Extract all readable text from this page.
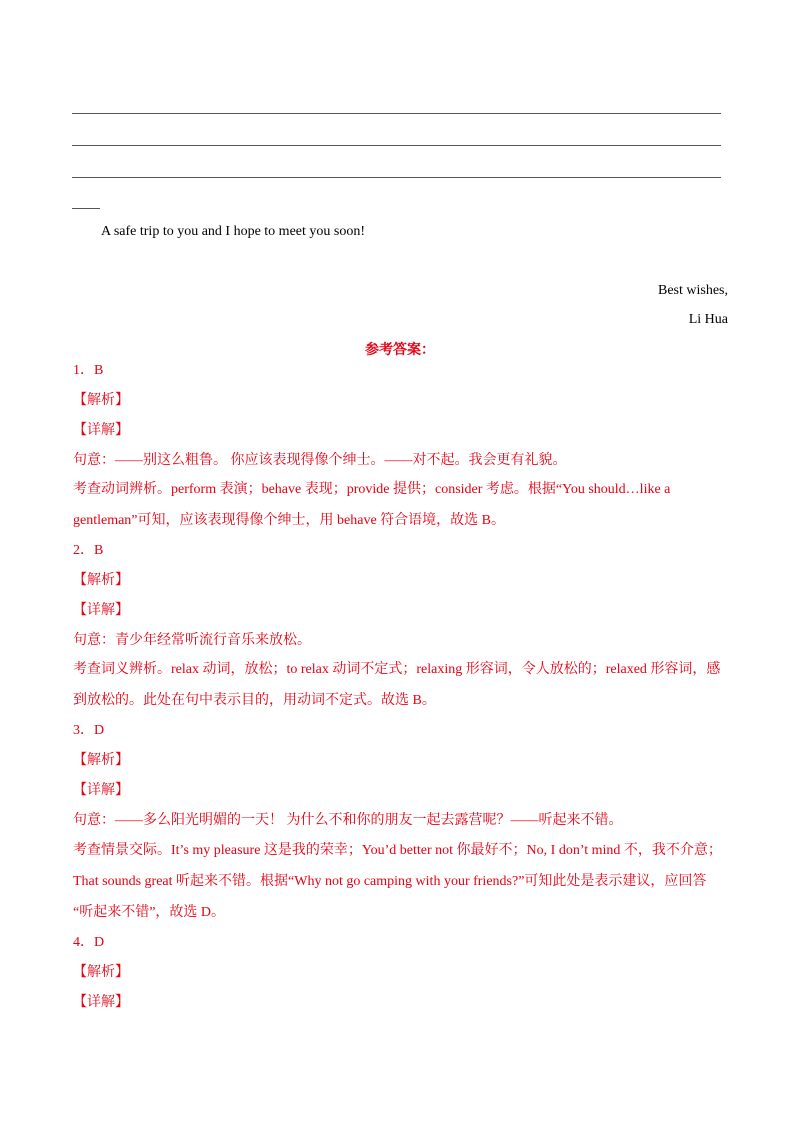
A safe trip to you and I hope to meet you soon!
Best wishes,
Li Hua
参考答案：
1．B
【解析】
【详解】
句意：——别这么粗鲁。 你应该表现得像个绅士。——对不起。我会更有礼貌。
考查动词辨析。perform 表演；behave 表现；provide 提供；consider 考虑。根据“You should…like a
gentleman”可知，应该表现得像个绅士，用 behave 符合语境，故选 B。
2．B
【解析】
【详解】
句意：青少年经常听流行音乐来放松。
考查词义辨析。relax 动词，放松；to relax 动词不定式；relaxing 形容词，令人放松的；relaxed 形容词，感
到放松的。此处在句中表示目的，用动词不定式。故选 B。
3．D
【解析】
【详解】
句意：——多么阳光明媚的一天！ 为什么不和你的朋友一起去露营呢？——听起来不错。
考查情景交际。It’s my pleasure 这是我的荣幸；You’d better not 你最好不；No, I don’t mind 不，我不介意；
That sounds great 听起来不错。根据“Why not go camping with your friends?”可知此处是表示建议，应回答
“听起来不错”，故选 D。
4．D
【解析】
【详解】
